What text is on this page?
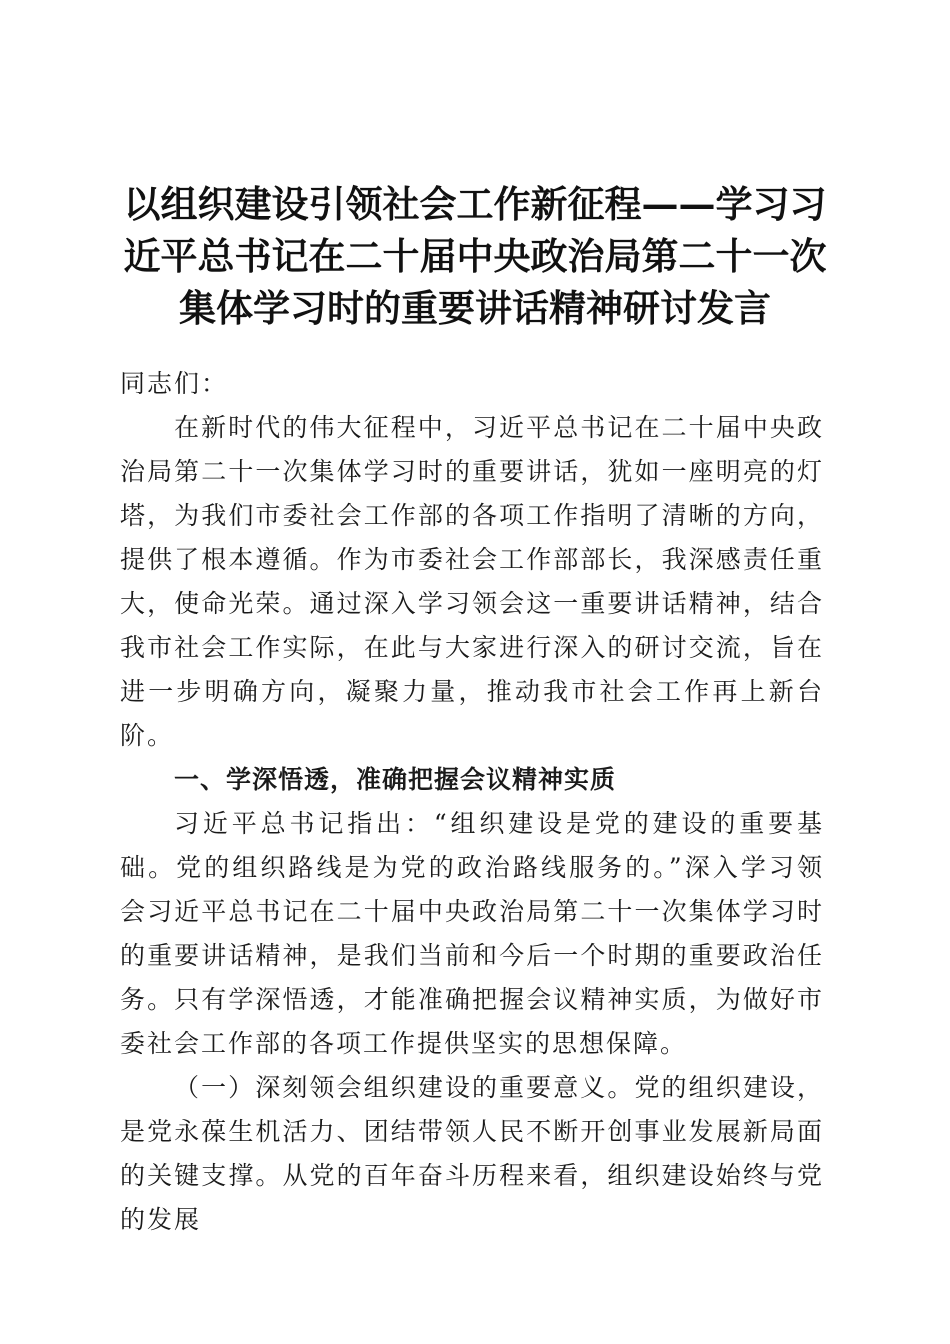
以组织建设引领社会工作新征程——学习习近平总书记在二十届中央政治局第二十一次集体学习时的重要讲话精神研讨发言

同志们：

在新时代的伟大征程中，习近平总书记在二十届中央政治局第二十一次集体学习时的重要讲话，犹如一座明亮的灯塔，为我们市委社会工作部的各项工作指明了清晰的方向，提供了根本遵循。作为市委社会工作部部长，我深感责任重大，使命光荣。通过深入学习领会这一重要讲话精神，结合我市社会工作实际，在此与大家进行深入的研讨交流，旨在进一步明确方向，凝聚力量，推动我市社会工作再上新台阶。

一、学深悟透，准确把握会议精神实质

习近平总书记指出：“组织建设是党的建设的重要基础。党的组织路线是为党的政治路线服务的。”深入学习领会习近平总书记在二十届中央政治局第二十一次集体学习时的重要讲话精神，是我们当前和今后一个时期的重要政治任务。只有学深悟透，才能准确把握会议精神实质，为做好市委社会工作部的各项工作提供坚实的思想保障。

（一）深刻领会组织建设的重要意义。党的组织建设，是党永葆生机活力、团结带领人民不断开创事业发展新局面的关键支撑。从党的百年奋斗历程来看，组织建设始终与党的发展
